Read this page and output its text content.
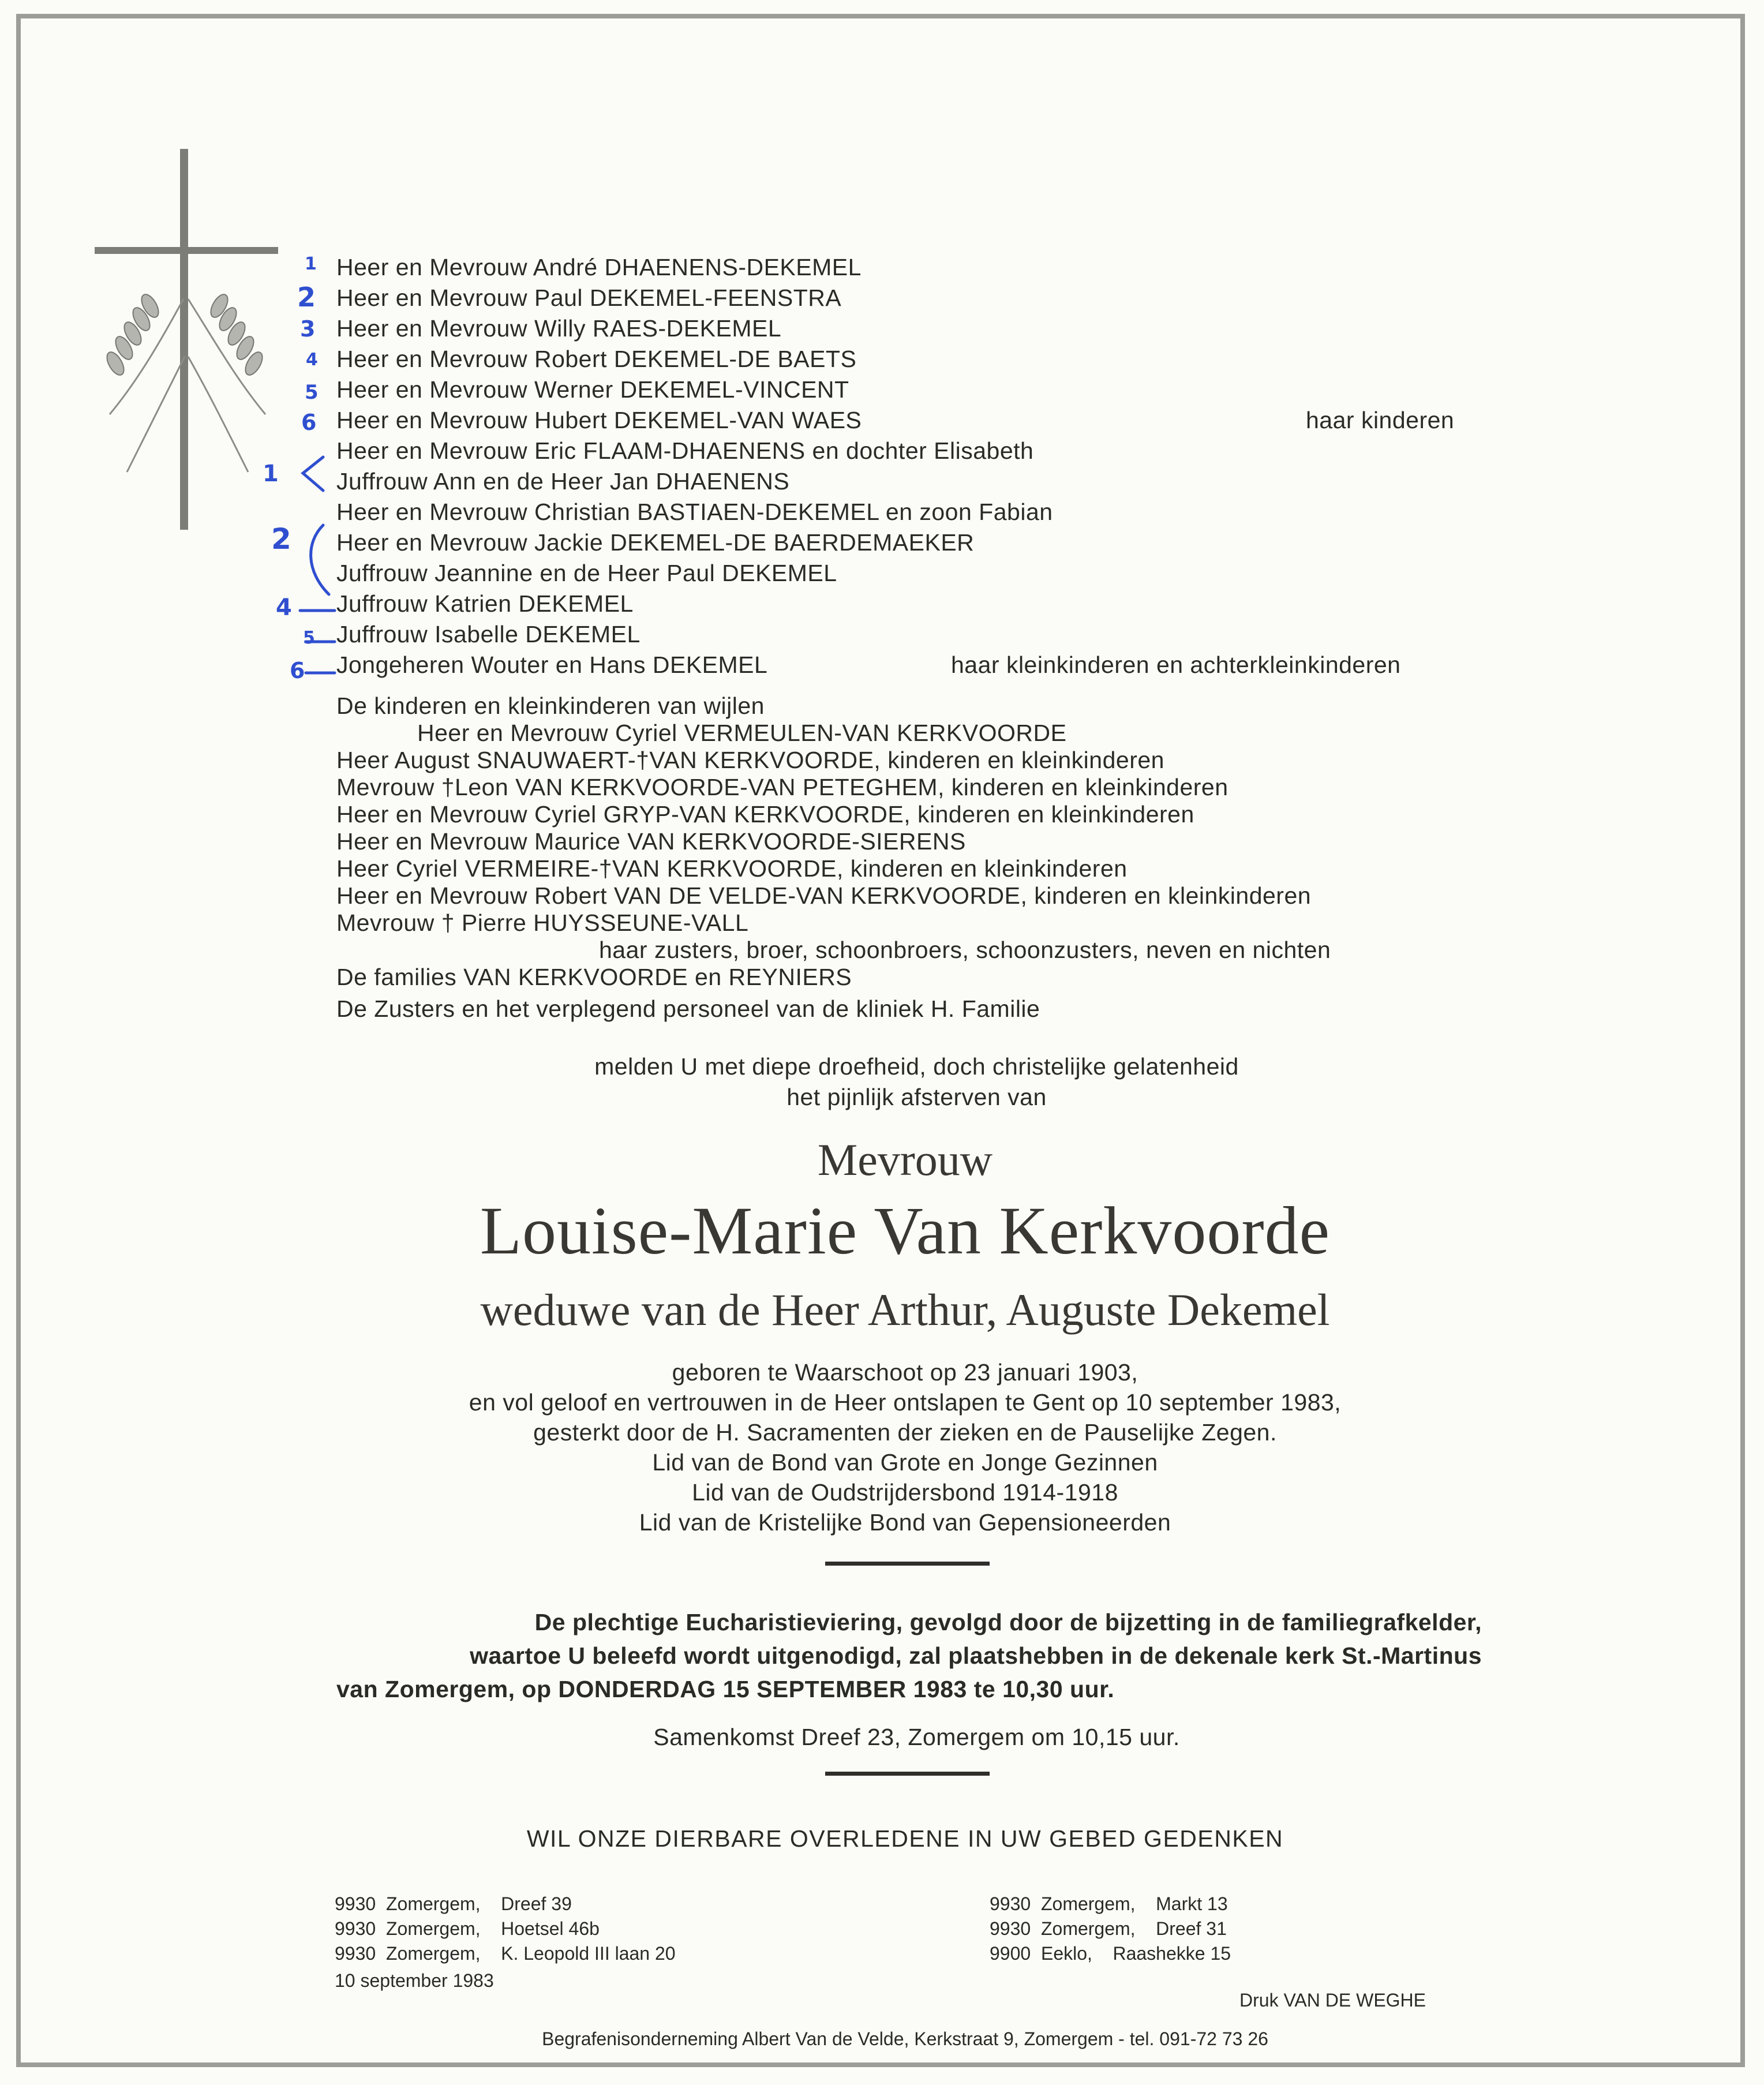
1
2
3
4
5
6
1
2
4
5
6
Heer en Mevrouw André DHAENENS-DEKEMEL
Heer en Mevrouw Paul DEKEMEL-FEENSTRA
Heer en Mevrouw Willy RAES-DEKEMEL
Heer en Mevrouw Robert DEKEMEL-DE BAETS
Heer en Mevrouw Werner DEKEMEL-VINCENT
Heer en Mevrouw Hubert DEKEMEL-VAN WAES	haar kinderen
Heer en Mevrouw Eric FLAAM-DHAENENS en dochter Elisabeth
Juffrouw Ann en de Heer Jan DHAENENS
Heer en Mevrouw Christian BASTIAEN-DEKEMEL en zoon Fabian
Heer en Mevrouw Jackie DEKEMEL-DE BAERDEMAEKER
Juffrouw Jeannine en de Heer Paul DEKEMEL
Juffrouw Katrien DEKEMEL
Juffrouw Isabelle DEKEMEL
Jongeheren Wouter en Hans DEKEMEL	haar kleinkinderen en achterkleinkinderen
De kinderen en kleinkinderen van wijlen
Heer en Mevrouw Cyriel VERMEULEN-VAN KERKVOORDE
Heer August SNAUWAERT-†VAN KERKVOORDE, kinderen en kleinkinderen
Mevrouw †Leon VAN KERKVOORDE-VAN PETEGHEM, kinderen en kleinkinderen
Heer en Mevrouw Cyriel GRYP-VAN KERKVOORDE, kinderen en kleinkinderen
Heer en Mevrouw Maurice VAN KERKVOORDE-SIERENS
Heer Cyriel VERMEIRE-†VAN KERKVOORDE, kinderen en kleinkinderen
Heer en Mevrouw Robert VAN DE VELDE-VAN KERKVOORDE, kinderen en kleinkinderen
Mevrouw † Pierre HUYSSEUNE-VALL
haar zusters, broer, schoonbroers, schoonzusters, neven en nichten
De families VAN KERKVOORDE en REYNIERS
De Zusters en het verplegend personeel van de kliniek H. Familie
melden U met diepe droefheid, doch christelijke gelatenheid
het pijnlijk afsterven van
Mevrouw
Louise-Marie Van Kerkvoorde
weduwe van de Heer Arthur, Auguste Dekemel
geboren te Waarschoot op 23 januari 1903,
en vol geloof en vertrouwen in de Heer ontslapen te Gent op 10 september 1983,
gesterkt door de H. Sacramenten der zieken en de Pauselijke Zegen.
Lid van de Bond van Grote en Jonge Gezinnen
Lid van de Oudstrijdersbond 1914-1918
Lid van de Kristelijke Bond van Gepensioneerden
De plechtige Eucharistieviering, gevolgd door de bijzetting in de familiegrafkelder,
waartoe U beleefd wordt uitgenodigd, zal plaatshebben in de dekenale kerk St.-Martinus
van Zomergem, op DONDERDAG 15 SEPTEMBER 1983 te 10,30 uur.
Samenkomst Dreef 23, Zomergem om 10,15 uur.
WIL ONZE DIERBARE OVERLEDENE IN UW GEBED GEDENKEN
9930 Zomergem, Dreef 39
9930 Zomergem, Hoetsel 46b
9930 Zomergem, K. Leopold III laan 20
10 september 1983
9930 Zomergem, Markt 13
9930 Zomergem, Dreef 31
9900 Eeklo, Raashekke 15
Druk VAN DE WEGHE
Begrafenisonderneming Albert Van de Velde, Kerkstraat 9, Zomergem - tel. 091-72 73 26
